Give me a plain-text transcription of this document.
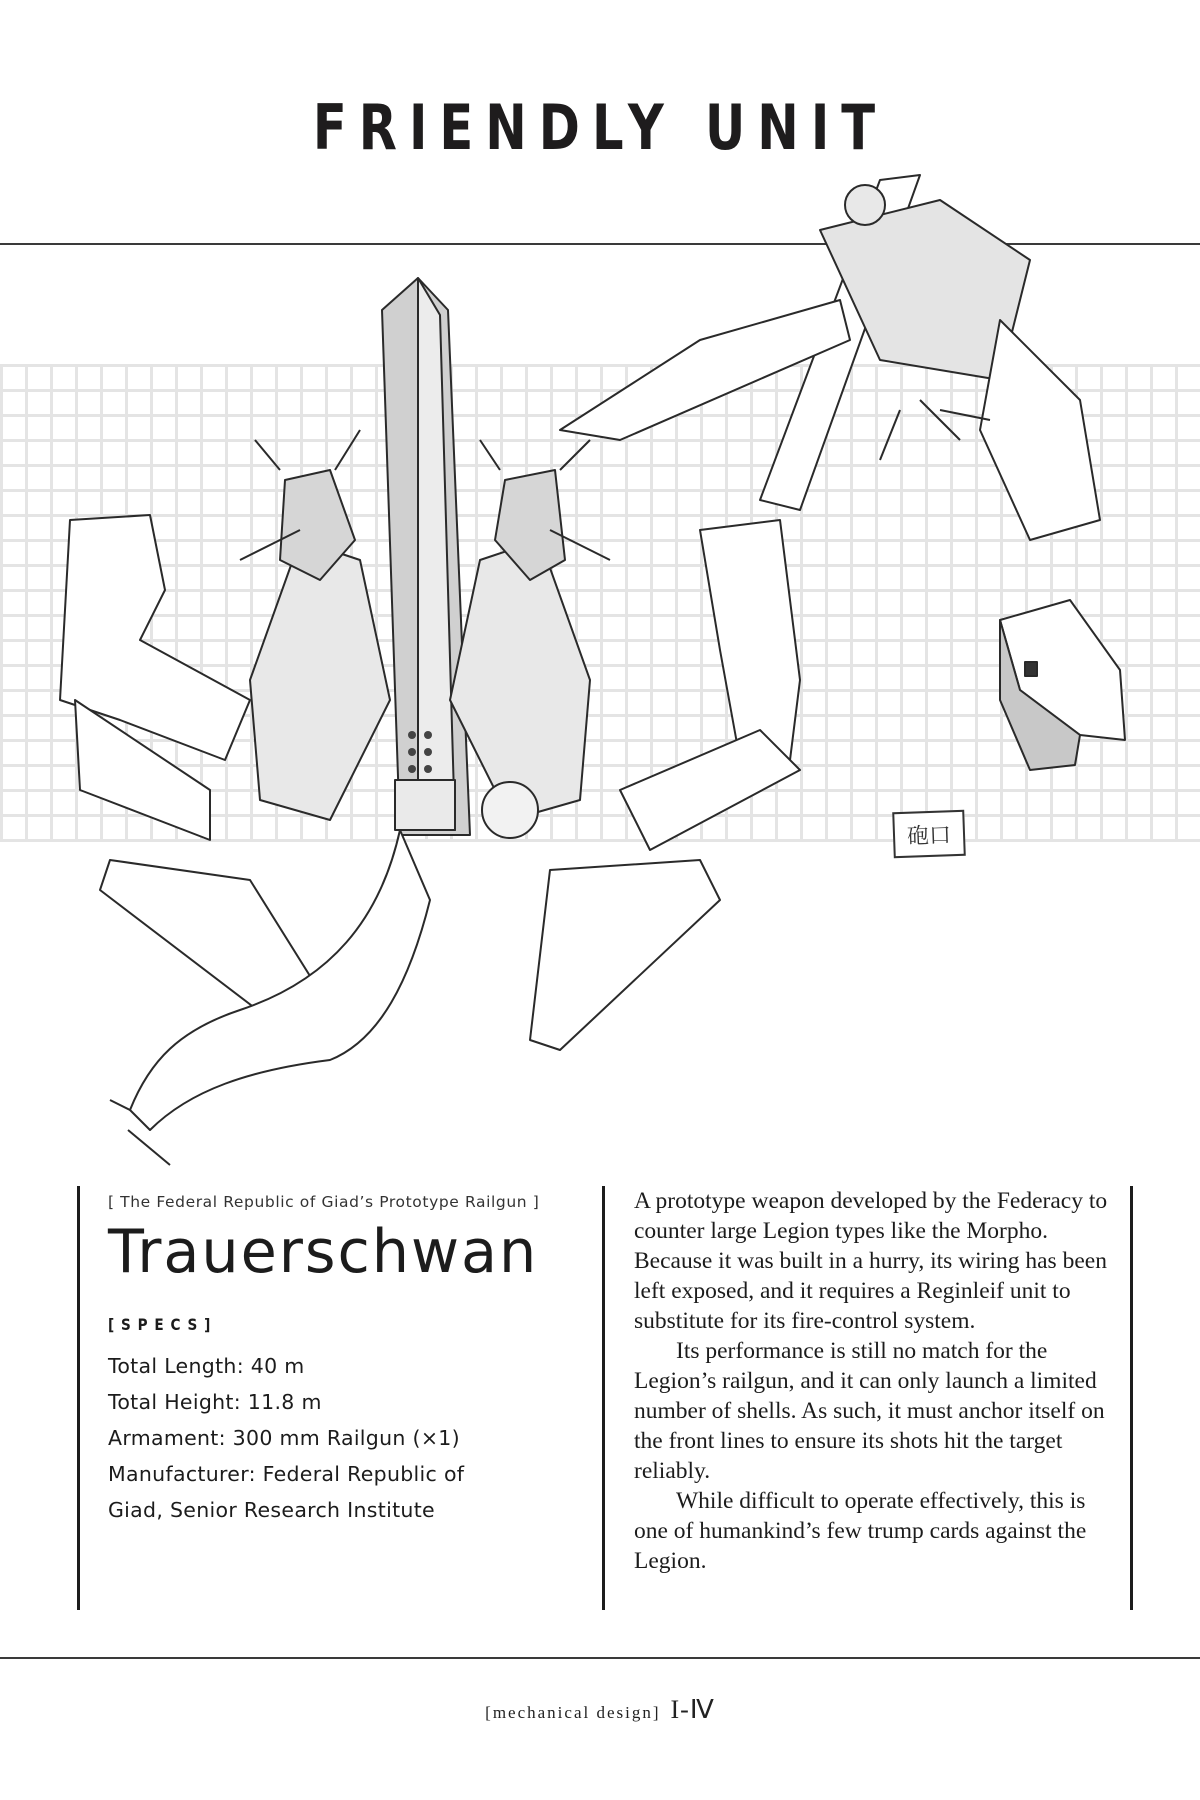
FRIENDLY UNIT
砲口
[ The Federal Republic of Giad’s Prototype Railgun ]
Trauerschwan
[SPECS]
Total Length: 40 m
Total Height: 11.8 m
Armament: 300 mm Railgun (×1)
Manufacturer: Federal Republic of
Giad, Senior Research Institute

A prototype weapon developed by the Federacy to counter large Legion types like the Morpho. Because it was built in a hurry, its wiring has been left exposed, and it requires a Reginleif unit to substitute for its fire-control system.

Its performance is still no match for the Legion’s railgun, and it can only launch a limited number of shells. As such, it must anchor itself on the front lines to ensure its shots hit the target reliably.

While difficult to operate effectively, this is one of humankind’s few trump cards against the Legion.

[mechanical design] I-Ⅳ
